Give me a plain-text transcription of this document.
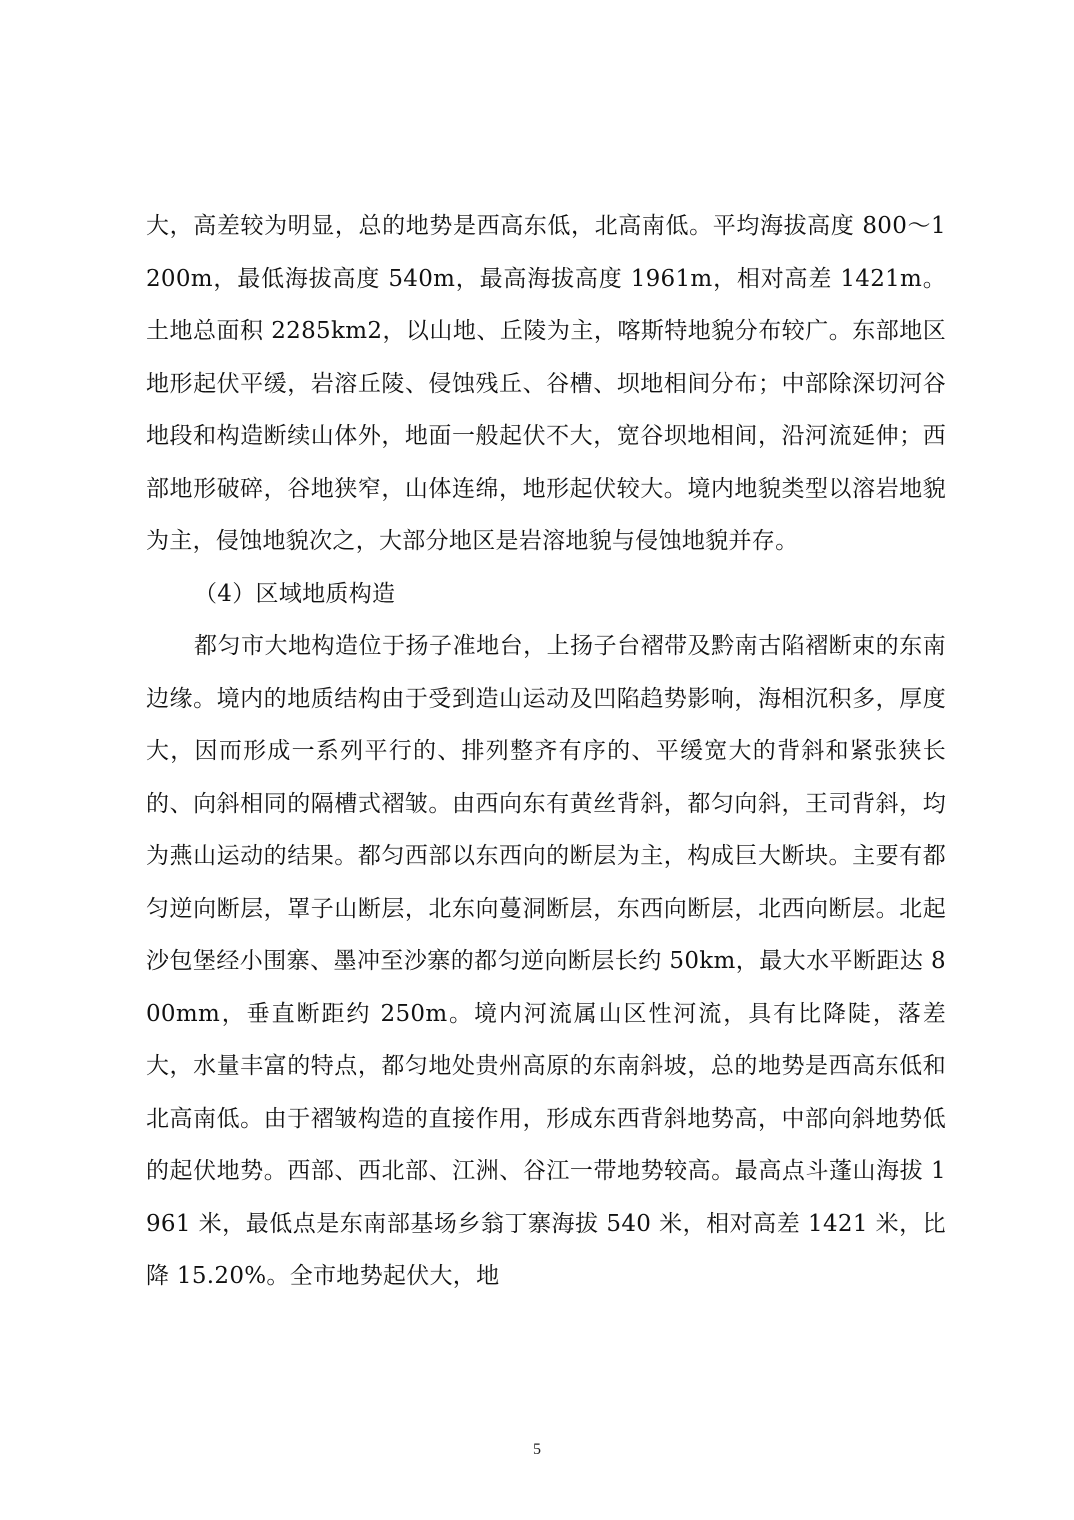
大，高差较为明显，总的地势是西高东低，北高南低。平均海拔高度 800～1200m，最低海拔高度 540m，最高海拔高度 1961m，相对高差 1421m。土地总面积 2285km2，以山地、丘陵为主，喀斯特地貌分布较广。东部地区地形起伏平缓，岩溶丘陵、侵蚀残丘、谷槽、坝地相间分布；中部除深切河谷地段和构造断续山体外，地面一般起伏不大，宽谷坝地相间，沿河流延伸；西部地形破碎，谷地狭窄，山体连绵，地形起伏较大。境内地貌类型以溶岩地貌为主，侵蚀地貌次之，大部分地区是岩溶地貌与侵蚀地貌并存。

（4）区域地质构造

都匀市大地构造位于扬子准地台，上扬子台褶带及黔南古陷褶断束的东南边缘。境内的地质结构由于受到造山运动及凹陷趋势影响，海相沉积多，厚度大，因而形成一系列平行的、排列整齐有序的、平缓宽大的背斜和紧张狭长的、向斜相同的隔槽式褶皱。由西向东有黄丝背斜，都匀向斜，王司背斜，均为燕山运动的结果。都匀西部以东西向的断层为主，构成巨大断块。主要有都匀逆向断层，罩子山断层，北东向蔓洞断层，东西向断层，北西向断层。北起沙包堡经小围寨、墨冲至沙寨的都匀逆向断层长约 50km，最大水平断距达 800mm，垂直断距约 250m。境内河流属山区性河流，具有比降陡，落差大，水量丰富的特点，都匀地处贵州高原的东南斜坡，总的地势是西高东低和北高南低。由于褶皱构造的直接作用，形成东西背斜地势高，中部向斜地势低的起伏地势。西部、西北部、江洲、谷江一带地势较高。最高点斗蓬山海拔 1961 米，最低点是东南部基场乡翁丁寨海拔 540 米，相对高差 1421 米，比降 15.20%。全市地势起伏大，地

5
